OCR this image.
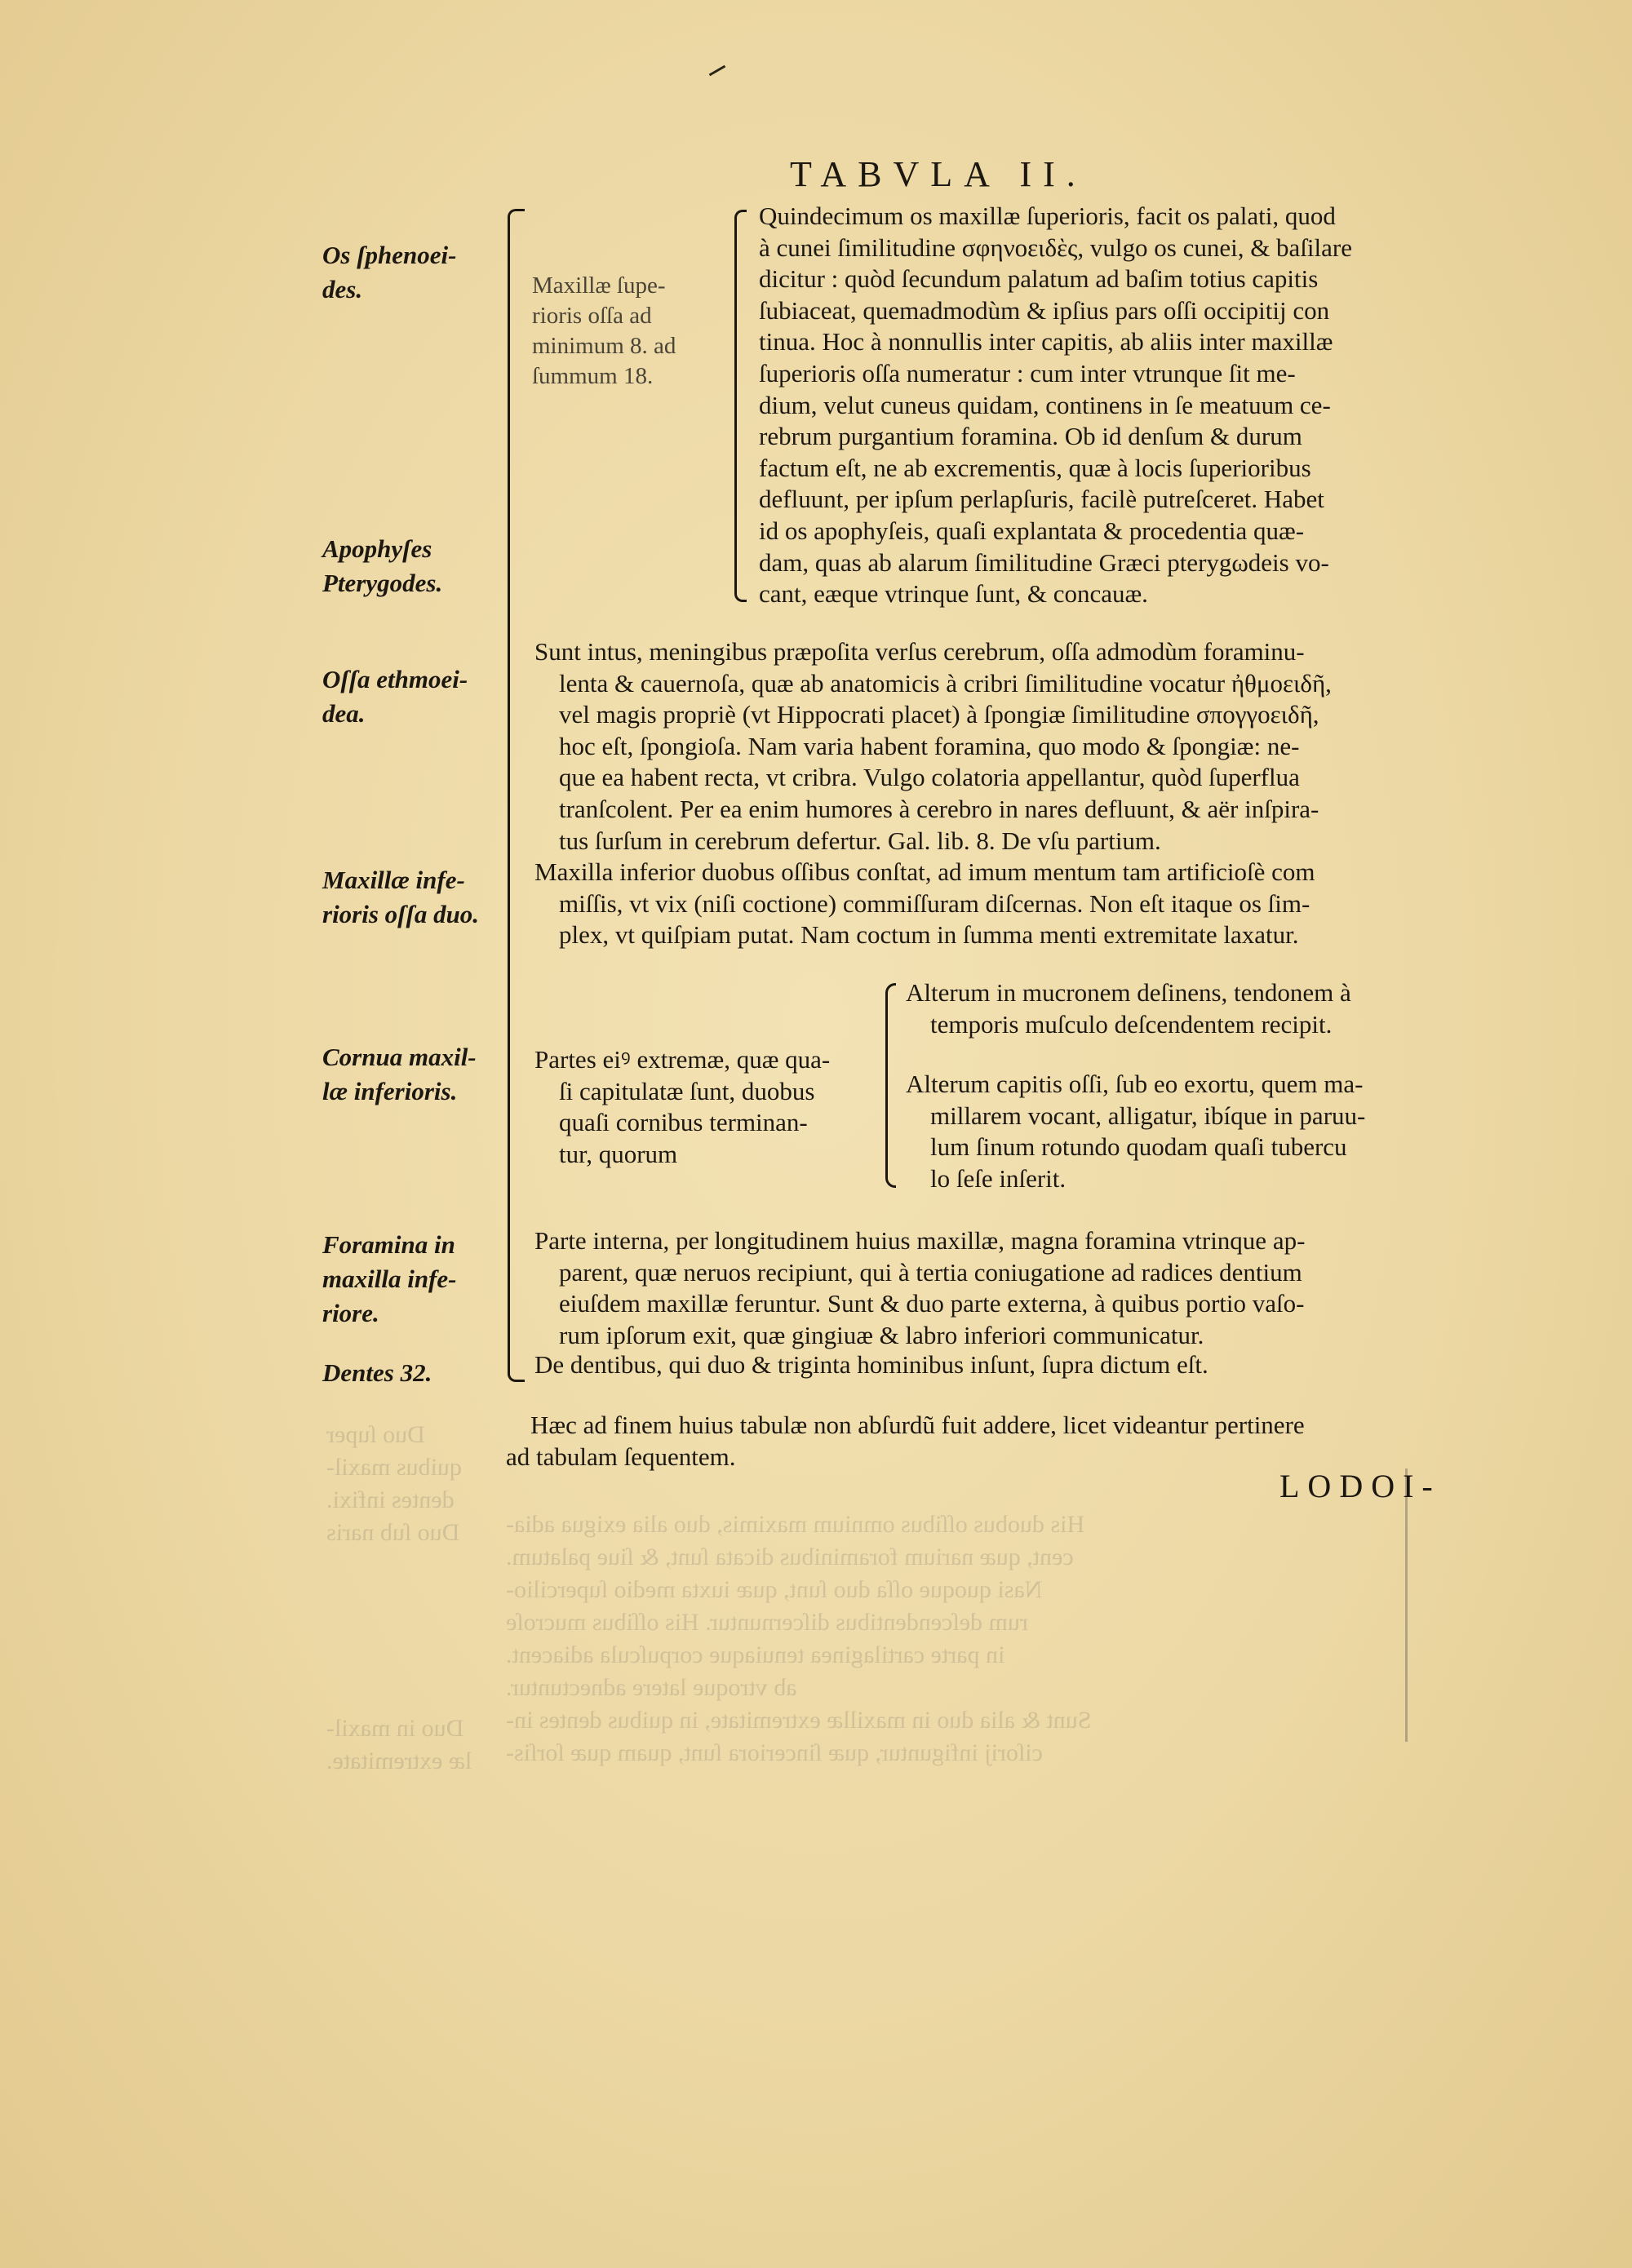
His duobus oſſibus omnium maximis, duo alia exigua adia-
cent, quæ narium foraminibus dicata ſunt, & ſiue palatum.
Nasi quoque oſſa duo ſunt, quæ iuxta medio ſupercilio-
rum deſcendentibus diſcernuntur. His oſſibus mucroſe
in parte cartilaginea tenuiaque corpuſcula adiacent.
ab vtroque latere adnectuntur.
Sunt & alia duo in maxillæ extremitate, in quibus dentes in-
ciſorij infiguntur, quæ ſinceriora ſunt, quam quæ ſorſis-
Duo ſuper
quibus maxil-
dentes infixi.
Duo ſub naris
Duo in maxil-
læ extremitate.
TABVLA II.
Os ſphenoei-
des.
Apophyſes
Pterygodes.
Oſſa ethmoei-
dea.
Maxillæ infe-
rioris oſſa duo.
Cornua maxil-
læ inferioris.
Foramina in
maxilla infe-
riore.
Dentes 32.
Maxillæ ſupe-
rioris oſſa ad
minimum 8. ad
ſummum 18.
Quindecimum os maxillæ ſuperioris, facit os palati, quod
à cunei ſimilitudine σφηνοειδὲς, vulgo os cunei, & baſilare
dicitur : quòd ſecundum palatum ad baſim totius capitis
ſubiaceat, quemadmodùm & ipſius pars oſſi occipitij con
tinua. Hoc à nonnullis inter capitis, ab aliis inter maxillæ
ſuperioris oſſa numeratur : cum inter vtrunque ſit me-
dium, velut cuneus quidam, continens in ſe meatuum ce-
rebrum purgantium foramina. Ob id denſum & durum
factum eſt, ne ab excrementis, quæ à locis ſuperioribus
defluunt, per ipſum perlapſuris, facilè putreſceret. Habet
id os apophyſeis, quaſi explantata & procedentia quæ-
dam, quas ab alarum ſimilitudine Græci pterygωdeis vo-
cant, eæque vtrinque ſunt, & concauæ.
Sunt intus, meningibus præpoſita verſus cerebrum, oſſa admodùm foraminu-
lenta & cauernoſa, quæ ab anatomicis à cribri ſimilitudine vocatur ἠθμοειδῆ,
vel magis propriè (vt Hippocrati placet) à ſpongiæ ſimilitudine σπογγοειδῆ,
hoc eſt, ſpongioſa. Nam varia habent foramina, quo modo & ſpongiæ: ne-
que ea habent recta, vt cribra. Vulgo colatoria appellantur, quòd ſuperflua
tranſcolent. Per ea enim humores à cerebro in nares defluunt, & aër inſpira-
tus ſurſum in cerebrum defertur. Gal. lib. 8. De vſu partium.
Maxilla inferior duobus oſſibus conſtat, ad imum mentum tam artificioſè com
miſſis, vt vix (niſi coctione) commiſſuram diſcernas. Non eſt itaque os ſim-
plex, vt quiſpiam putat. Nam coctum in ſumma menti extremitate laxatur.
Partes eiꝰ extremæ, quæ qua-
ſi capitulatæ ſunt, duobus
quaſi cornibus terminan-
tur, quorum
Alterum in mucronem deſinens, tendonem à
temporis muſculo deſcendentem recipit.
Alterum capitis oſſi, ſub eo exortu, quem ma-
millarem vocant, alligatur, ibíque in paruu-
lum ſinum rotundo quodam quaſi tubercu
lo ſeſe inſerit.
Parte interna, per longitudinem huius maxillæ, magna foramina vtrinque ap-
parent, quæ neruos recipiunt, qui à tertia coniugatione ad radices dentium
eiuſdem maxillæ feruntur. Sunt & duo parte externa, à quibus portio vaſo-
rum ipſorum exit, quæ gingiuæ & labro inferiori communicatur.
De dentibus, qui duo & triginta hominibus inſunt, ſupra dictum eſt.
Hæc ad finem huius tabulæ non abſurdũ fuit addere, licet videantur pertinere
ad tabulam ſequentem.
LODOI-
